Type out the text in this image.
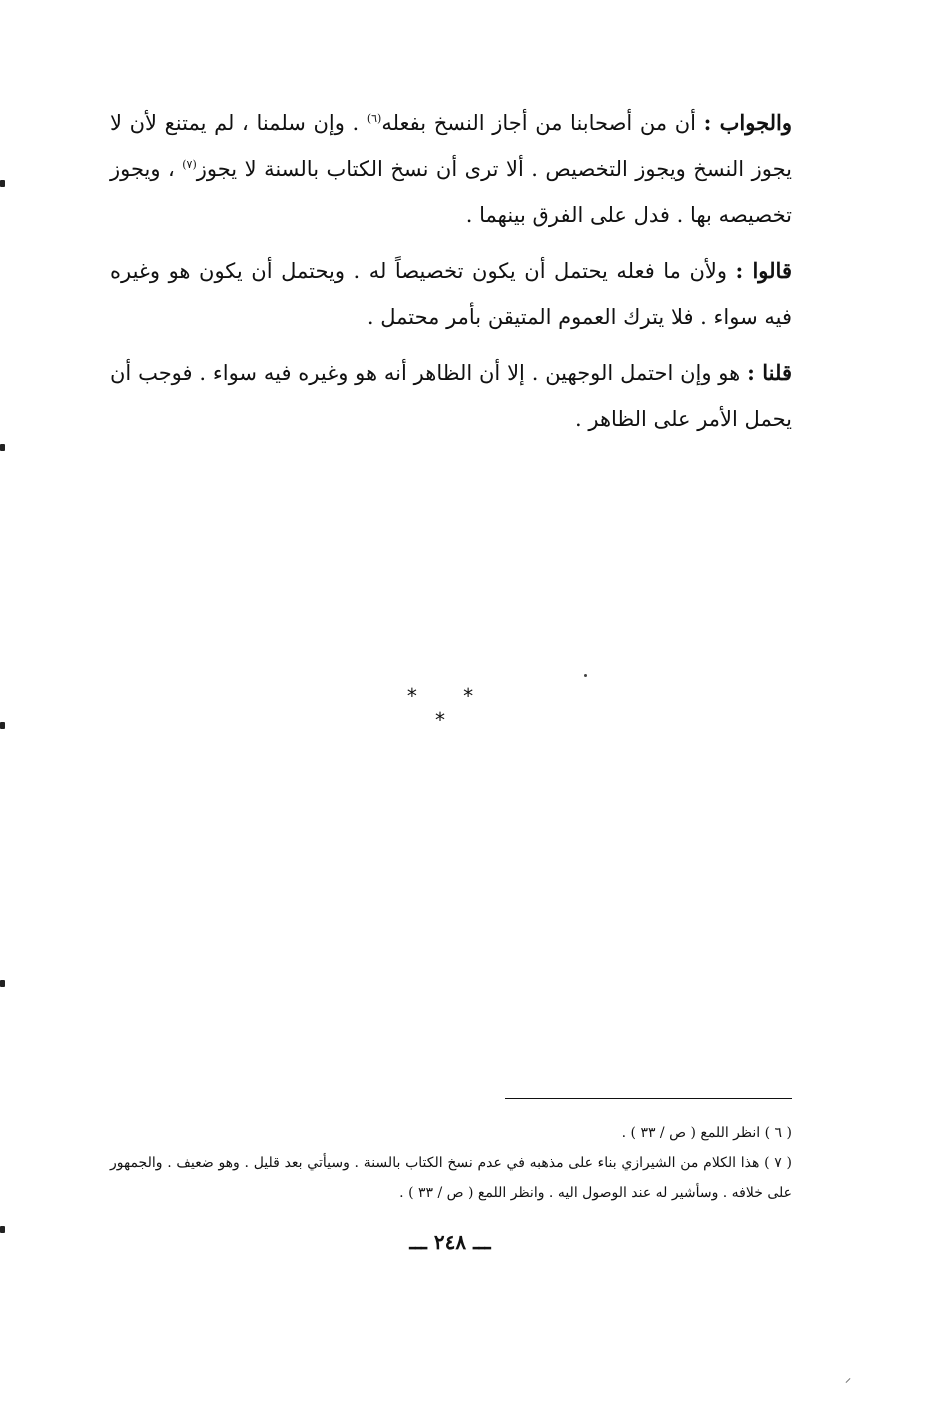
والجواب : أن من أصحابنا من أجاز النسخ بفعله$^{(٦)}$ . وإن سلمنا ، لم يمتنع لأن لا يجوز النسخ ويجوز التخصيص . ألا ترى أن نسخ الكتاب بالسنة لا يجوز$^{(٧)}$ ، ويجوز تخصيصه بها . فدل على الفرق بينهما .

قالوا : ولأن ما فعله يحتمل أن يكون تخصيصاً له . ويحتمل أن يكون هو وغيره فيه سواء . فلا يترك العموم المتيقن بأمر محتمل .

قلنا : هو وإن احتمل الوجهين . إلا أن الظاهر أنه هو وغيره فيه سواء . فوجب أن يحمل الأمر على الظاهر .

* * *

( ٦ ) انظر اللمع ( ص / ٣٣ ) .

( ٧ ) هذا الكلام من الشيرازي بناء على مذهبه في عدم نسخ الكتاب بالسنة . وسيأتي بعد قليل . وهو ضعيف . والجمهور على خلافه . وسأشير له عند الوصول اليه . وانظر اللمع ( ص / ٣٣ ) .

ـــ ٢٤٨ ـــ
